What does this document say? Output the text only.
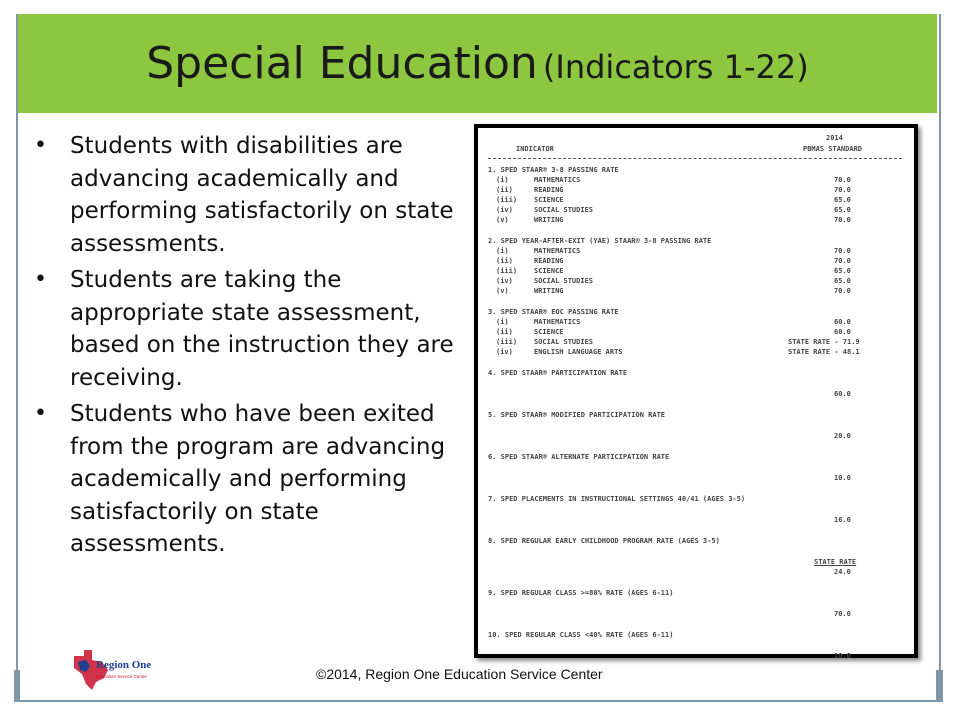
Special Education (Indicators 1-22)
• Students with disabilities are advancing academically and performing satisfactorily on state assessments.
• Students are taking the appropriate state assessment, based on the instruction they are receiving.
• Students who have been exited from the program are advancing academically and performing satisfactorily on state assessments.
2014
INDICATOR	PBMAS STANDARD
1. SPED STAAR® 3-8 PASSING RATE
(i)	MATHEMATICS	70.0
(ii)	READING	70.0
(iii) SCIENCE	65.0
(iv)	SOCIAL STUDIES	65.0
(v)	WRITING	70.0
2. SPED YEAR-AFTER-EXIT (YAE) STAAR® 3-8 PASSING RATE
(i)	MATHEMATICS	70.0
(ii)	READING	70.0
(iii) SCIENCE	65.0
(iv)	SOCIAL STUDIES	65.0
(v)	WRITING	70.0
3. SPED STAAR® EOC PASSING RATE
(i)	MATHEMATICS	60.0
(ii)	SCIENCE	60.0
(iii) SOCIAL STUDIES	STATE RATE - 71.9
(iv)	ENGLISH LANGUAGE ARTS	STATE RATE - 48.1
4. SPED STAAR® PARTICIPATION RATE
60.0
5. SPED STAAR® MODIFIED PARTICIPATION RATE
20.0
6. SPED STAAR® ALTERNATE PARTICIPATION RATE
10.0
7. SPED PLACEMENTS IN INSTRUCTIONAL SETTINGS 40/41 (AGES 3-5)
16.0
8. SPED REGULAR EARLY CHILDHOOD PROGRAM RATE (AGES 3-5)
STATE RATE
24.0
9. SPED REGULAR CLASS >=80% RATE (AGES 6-11)
70.0
10. SPED REGULAR CLASS <40% RATE (AGES 6-11)
10.0
Region One
Education Service Center	©2014, Region One Education Service Center
